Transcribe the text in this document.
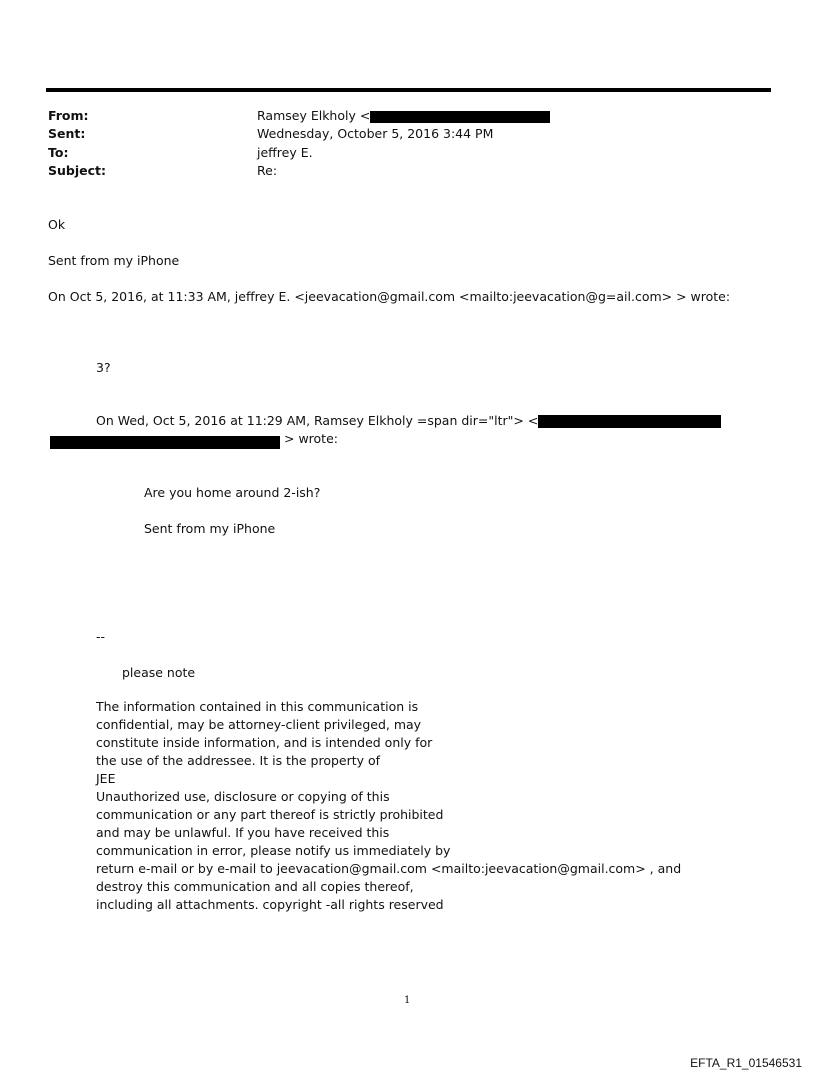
From:	Ramsey Elkholy <
Sent:	Wednesday, October 5, 2016 3:44 PM
To:	jeffrey E.
Subject:	Re:
Ok
Sent from my iPhone
On Oct 5, 2016, at 11:33 AM, jeffrey E. <jeevacation@gmail.com <mailto:jeevacation@g=ail.com> > wrote:
3?
On Wed, Oct 5, 2016 at 11:29 AM, Ramsey Elkholy =span dir="ltr"> <
> wrote:
Are you home around 2-ish?
Sent from my iPhone
--
please note
The information contained in this communication is
confidential, may be attorney-client privileged, may
constitute inside information, and is intended only for
the use of the addressee. It is the property of
JEE
Unauthorized use, disclosure or copying of this
communication or any part thereof is strictly prohibited
and may be unlawful. If you have received this
communication in error, please notify us immediately by
return e-mail or by e-mail to jeevacation@gmail.com <mailto:jeevacation@gmail.com> , and
destroy this communication and all copies thereof,
including all attachments. copyright -all rights reserved
1
EFTA_R1_01546531
